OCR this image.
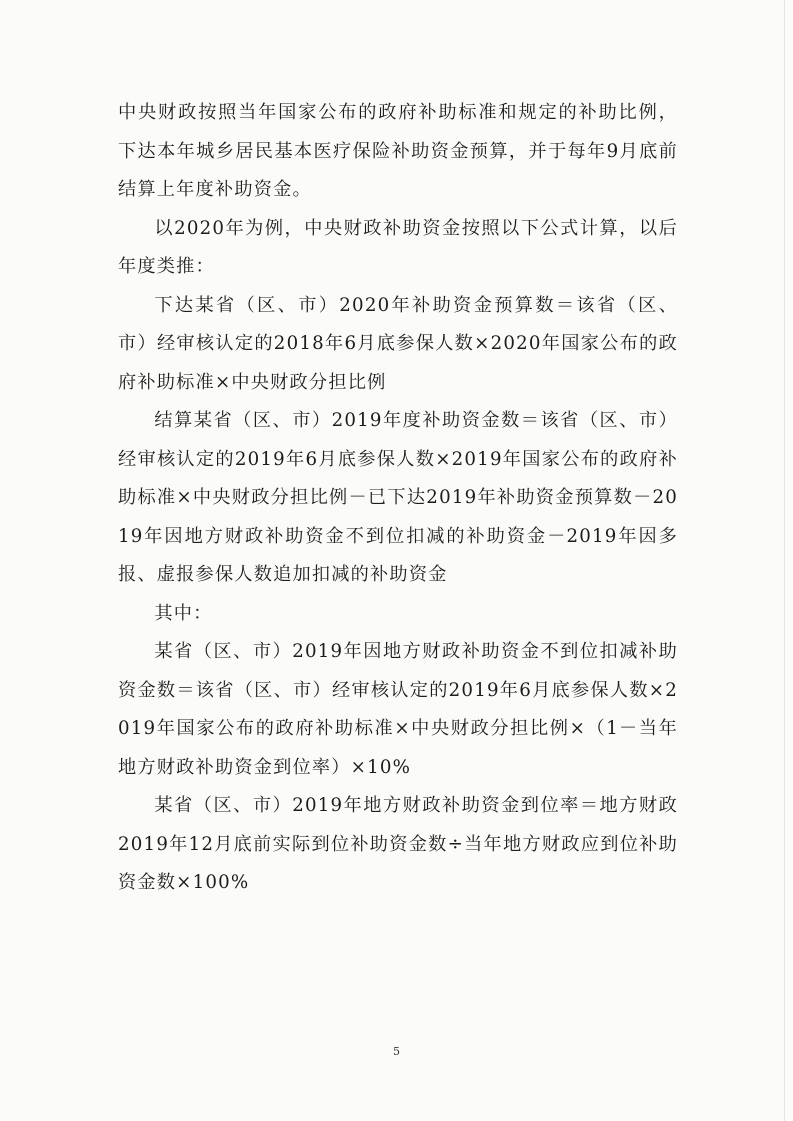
中央财政按照当年国家公布的政府补助标准和规定的补助比例，下达本年城乡居民基本医疗保险补助资金预算，并于每年9月底前结算上年度补助资金。

以2020年为例，中央财政补助资金按照以下公式计算，以后年度类推：

下达某省（区、市）2020年补助资金预算数＝该省（区、市）经审核认定的2018年6月底参保人数×2020年国家公布的政府补助标准×中央财政分担比例

结算某省（区、市）2019年度补助资金数＝该省（区、市）经审核认定的2019年6月底参保人数×2019年国家公布的政府补助标准×中央财政分担比例－已下达2019年补助资金预算数－2019年因地方财政补助资金不到位扣减的补助资金－2019年因多报、虚报参保人数追加扣减的补助资金

其中：

某省（区、市）2019年因地方财政补助资金不到位扣减补助资金数＝该省（区、市）经审核认定的2019年6月底参保人数×2019年国家公布的政府补助标准×中央财政分担比例×（1－当年地方财政补助资金到位率）×10%

某省（区、市）2019年地方财政补助资金到位率＝地方财政2019年12月底前实际到位补助资金数÷当年地方财政应到位补助资金数×100%

5
